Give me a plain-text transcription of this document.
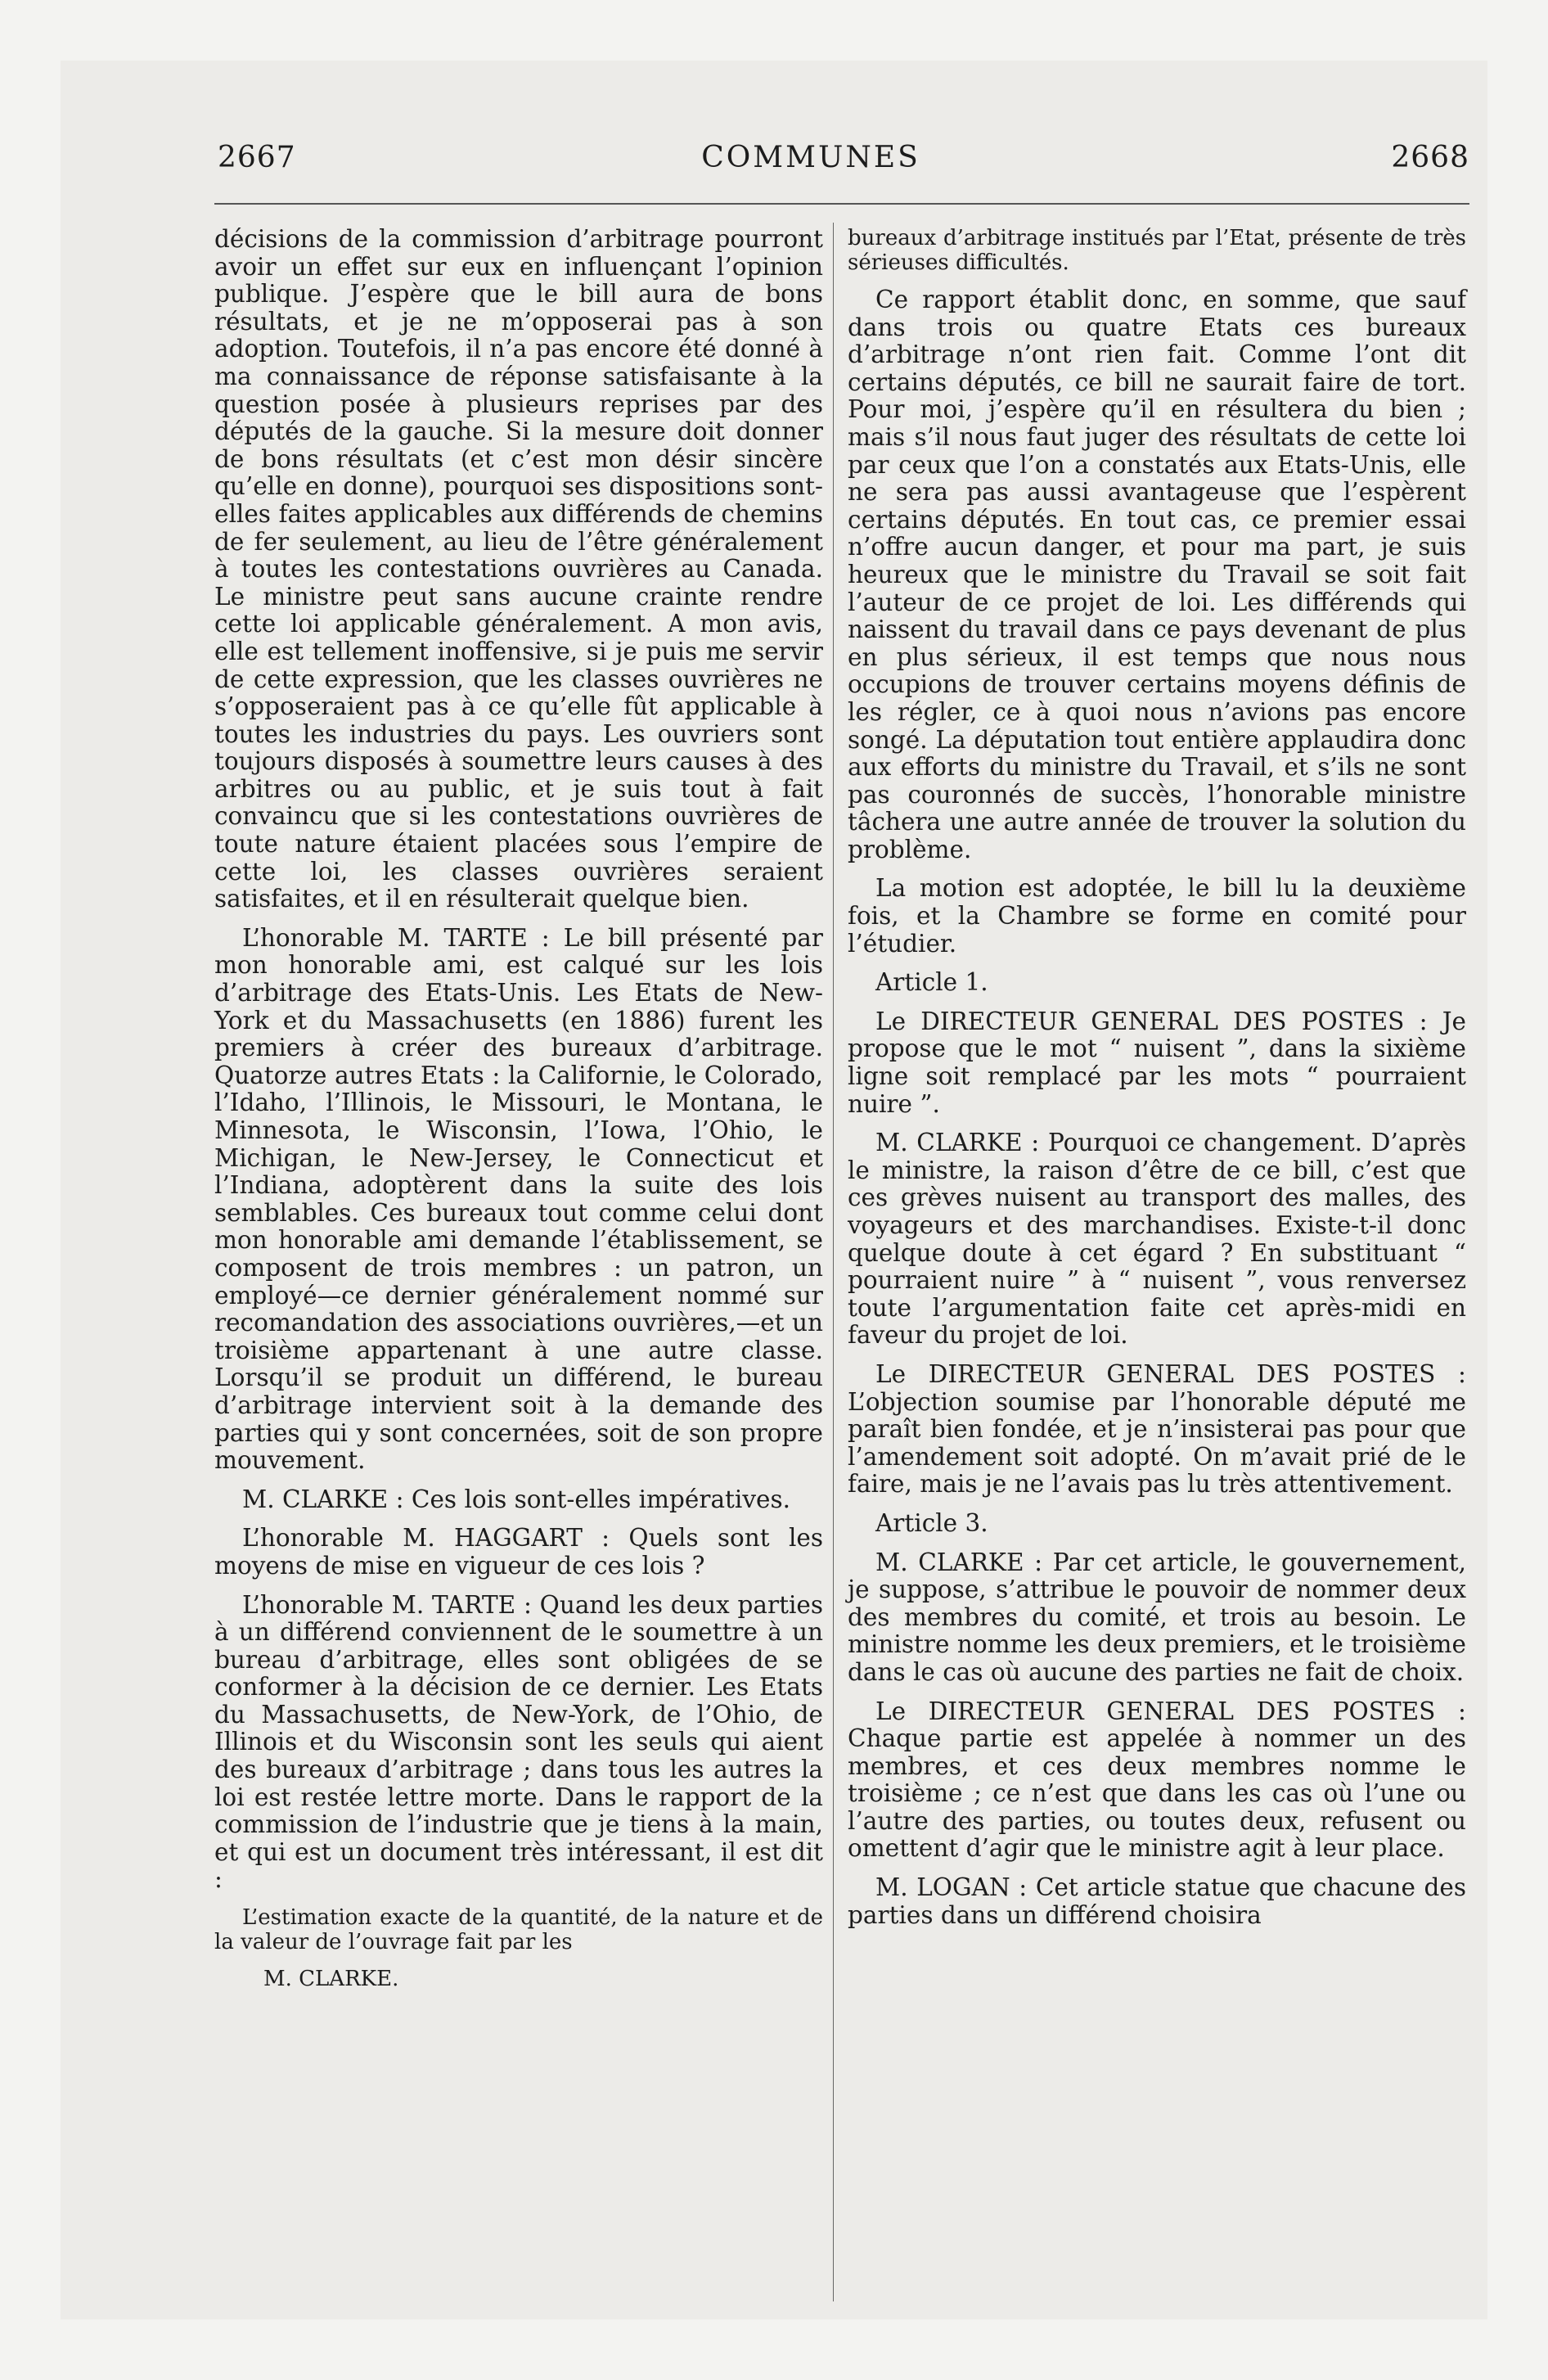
2667	COMMUNES	2668

décisions de la commission d’arbitrage pourront avoir un effet sur eux en influençant l’opinion publique. J’espère que le bill aura de bons résultats, et je ne m’opposerai pas à son adoption. Toutefois, il n’a pas encore été donné à ma connaissance de réponse satisfaisante à la question posée à plusieurs reprises par des députés de la gauche. Si la mesure doit donner de bons résultats (et c’est mon désir sincère qu’elle en donne), pourquoi ses dispositions sont-elles faites applicables aux différends de chemins de fer seulement, au lieu de l’être généralement à toutes les contestations ouvrières au Canada. Le ministre peut sans aucune crainte rendre cette loi applicable généralement. A mon avis, elle est tellement inoffensive, si je puis me servir de cette expression, que les classes ouvrières ne s’opposeraient pas à ce qu’elle fût applicable à toutes les industries du pays. Les ouvriers sont toujours disposés à soumettre leurs causes à des arbitres ou au public, et je suis tout à fait convaincu que si les contestations ouvrières de toute nature étaient placées sous l’empire de cette loi, les classes ouvrières seraient satisfaites, et il en résulterait quelque bien.

L’honorable M. TARTE : Le bill présenté par mon honorable ami, est calqué sur les lois d’arbitrage des Etats-Unis. Les Etats de New-York et du Massachusetts (en 1886) furent les premiers à créer des bureaux d’arbitrage. Quatorze autres Etats : la Californie, le Colorado, l’Idaho, l’Illinois, le Missouri, le Montana, le Minnesota, le Wisconsin, l’Iowa, l’Ohio, le Michigan, le New-Jersey, le Connecticut et l’Indiana, adoptèrent dans la suite des lois semblables. Ces bureaux tout comme celui dont mon honorable ami demande l’établissement, se composent de trois membres : un patron, un employé—ce dernier généralement nommé sur recomandation des associations ouvrières,—et un troisième appartenant à une autre classe. Lorsqu’il se produit un différend, le bureau d’arbitrage intervient soit à la demande des parties qui y sont concernées, soit de son propre mouvement.

M. CLARKE : Ces lois sont-elles impératives.

L’honorable M. HAGGART : Quels sont les moyens de mise en vigueur de ces lois ?

L’honorable M. TARTE : Quand les deux parties à un différend conviennent de le soumettre à un bureau d’arbitrage, elles sont obligées de se conformer à la décision de ce dernier. Les Etats du Massachusetts, de New-York, de l’Ohio, de Illinois et du Wisconsin sont les seuls qui aient des bureaux d’arbitrage ; dans tous les autres la loi est restée lettre morte. Dans le rapport de la commission de l’industrie que je tiens à la main, et qui est un document très intéressant, il est dit :

L’estimation exacte de la quantité, de la nature et de la valeur de l’ouvrage fait par les

M. CLARKE.

bureaux d’arbitrage institués par l’Etat, présente de très sérieuses difficultés.

Ce rapport établit donc, en somme, que sauf dans trois ou quatre Etats ces bureaux d’arbitrage n’ont rien fait. Comme l’ont dit certains députés, ce bill ne saurait faire de tort. Pour moi, j’espère qu’il en résultera du bien ; mais s’il nous faut juger des résultats de cette loi par ceux que l’on a constatés aux Etats-Unis, elle ne sera pas aussi avantageuse que l’espèrent certains députés. En tout cas, ce premier essai n’offre aucun danger, et pour ma part, je suis heureux que le ministre du Travail se soit fait l’auteur de ce projet de loi. Les différends qui naissent du travail dans ce pays devenant de plus en plus sérieux, il est temps que nous nous occupions de trouver certains moyens définis de les régler, ce à quoi nous n’avions pas encore songé. La députation tout entière applaudira donc aux efforts du ministre du Travail, et s’ils ne sont pas couronnés de succès, l’honorable ministre tâchera une autre année de trouver la solution du problème.

La motion est adoptée, le bill lu la deuxième fois, et la Chambre se forme en comité pour l’étudier.

Article 1.

Le DIRECTEUR GENERAL DES POSTES : Je propose que le mot “ nuisent ”, dans la sixième ligne soit remplacé par les mots “ pourraient nuire ”.

M. CLARKE : Pourquoi ce changement. D’après le ministre, la raison d’être de ce bill, c’est que ces grèves nuisent au transport des malles, des voyageurs et des marchandises. Existe-t-il donc quelque doute à cet égard ? En substituant “ pourraient nuire ” à “ nuisent ”, vous renversez toute l’argumentation faite cet après-midi en faveur du projet de loi.

Le DIRECTEUR GENERAL DES POSTES : L’objection soumise par l’honorable député me paraît bien fondée, et je n’insisterai pas pour que l’amendement soit adopté. On m’avait prié de le faire, mais je ne l’avais pas lu très attentivement.

Article 3.

M. CLARKE : Par cet article, le gouvernement, je suppose, s’attribue le pouvoir de nommer deux des membres du comité, et trois au besoin. Le ministre nomme les deux premiers, et le troisième dans le cas où aucune des parties ne fait de choix.

Le DIRECTEUR GENERAL DES POSTES : Chaque partie est appelée à nommer un des membres, et ces deux membres nomme le troisième ; ce n’est que dans les cas où l’une ou l’autre des parties, ou toutes deux, refusent ou omettent d’agir que le ministre agit à leur place.

M. LOGAN : Cet article statue que chacune des parties dans un différend choisira
